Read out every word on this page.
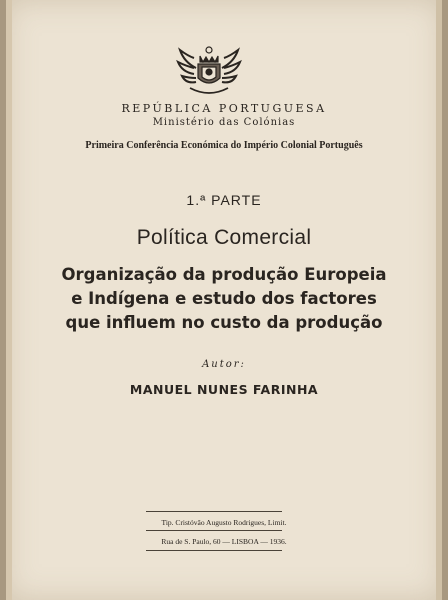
REPÚBLICA PORTUGUESA
Ministério das Colónias
Primeira Conferência Económica do Império Colonial Português
1.ª PARTE
Política Comercial
Organização da produção Europeia
e Indígena e estudo dos factores
que influem no custo da produção
Autor:
MANUEL NUNES FARINHA
Tip. Cristóvão Augusto Rodrigues, Limit.
Rua de S. Paulo, 60 — LISBOA — 1936.
